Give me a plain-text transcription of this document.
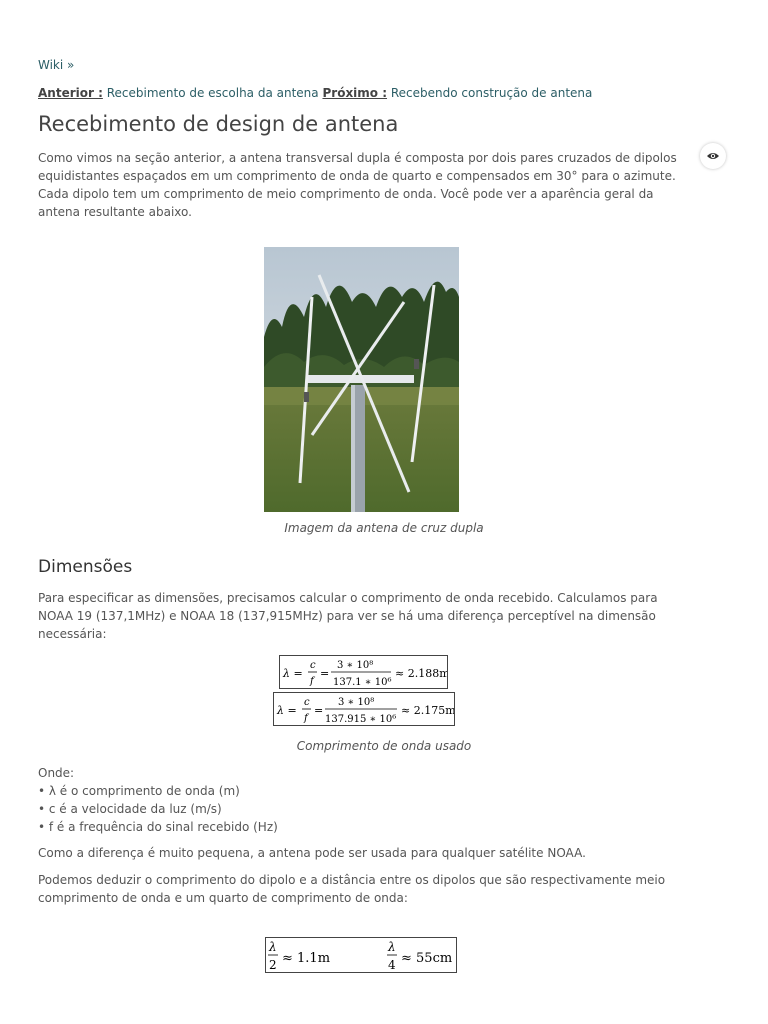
Wiki »
Anterior : Recebimento de escolha da antena Próximo : Recebendo construção de antena
Recebimento de design de antena

Como vimos na seção anterior, a antena transversal dupla é composta por dois pares cruzados de dipolos equidistantes espaçados em um comprimento de onda de quarto e compensados em 30° para o azimute. Cada dipolo tem um comprimento de meio comprimento de onda. Você pode ver a aparência geral da antena resultante abaixo.

Para especificar as dimensões, precisamos calcular o comprimento de onda recebido. Calculamos para NOAA 19 (137,1MHz) e NOAA 18 (137,915MHz) para ver se há uma diferença perceptível na dimensão necessária:

Como a diferença é muito pequena, a antena pode ser usada para qualquer satélite NOAA.

Podemos deduzir o comprimento do dipolo e a distância entre os dipolos que são respectivamente meio comprimento de onda e um quarto de comprimento de onda:

Imagem da antena de cruz dupla
Dimensões
λ =
c
f
=
3 ∗ 10⁸
137.1 ∗ 10⁶
≈ 2.188m
λ =
c
f
=
3 ∗ 10⁸
137.915 ∗ 10⁶
≈ 2.175m
Comprimento de onda usado
Onde:
• λ é o comprimento de onda (m)
• c é a velocidade da luz (m/s)
• f é a frequência do sinal recebido (Hz)
λ
2 ≈ 1.1m
λ
4 ≈ 55cm
